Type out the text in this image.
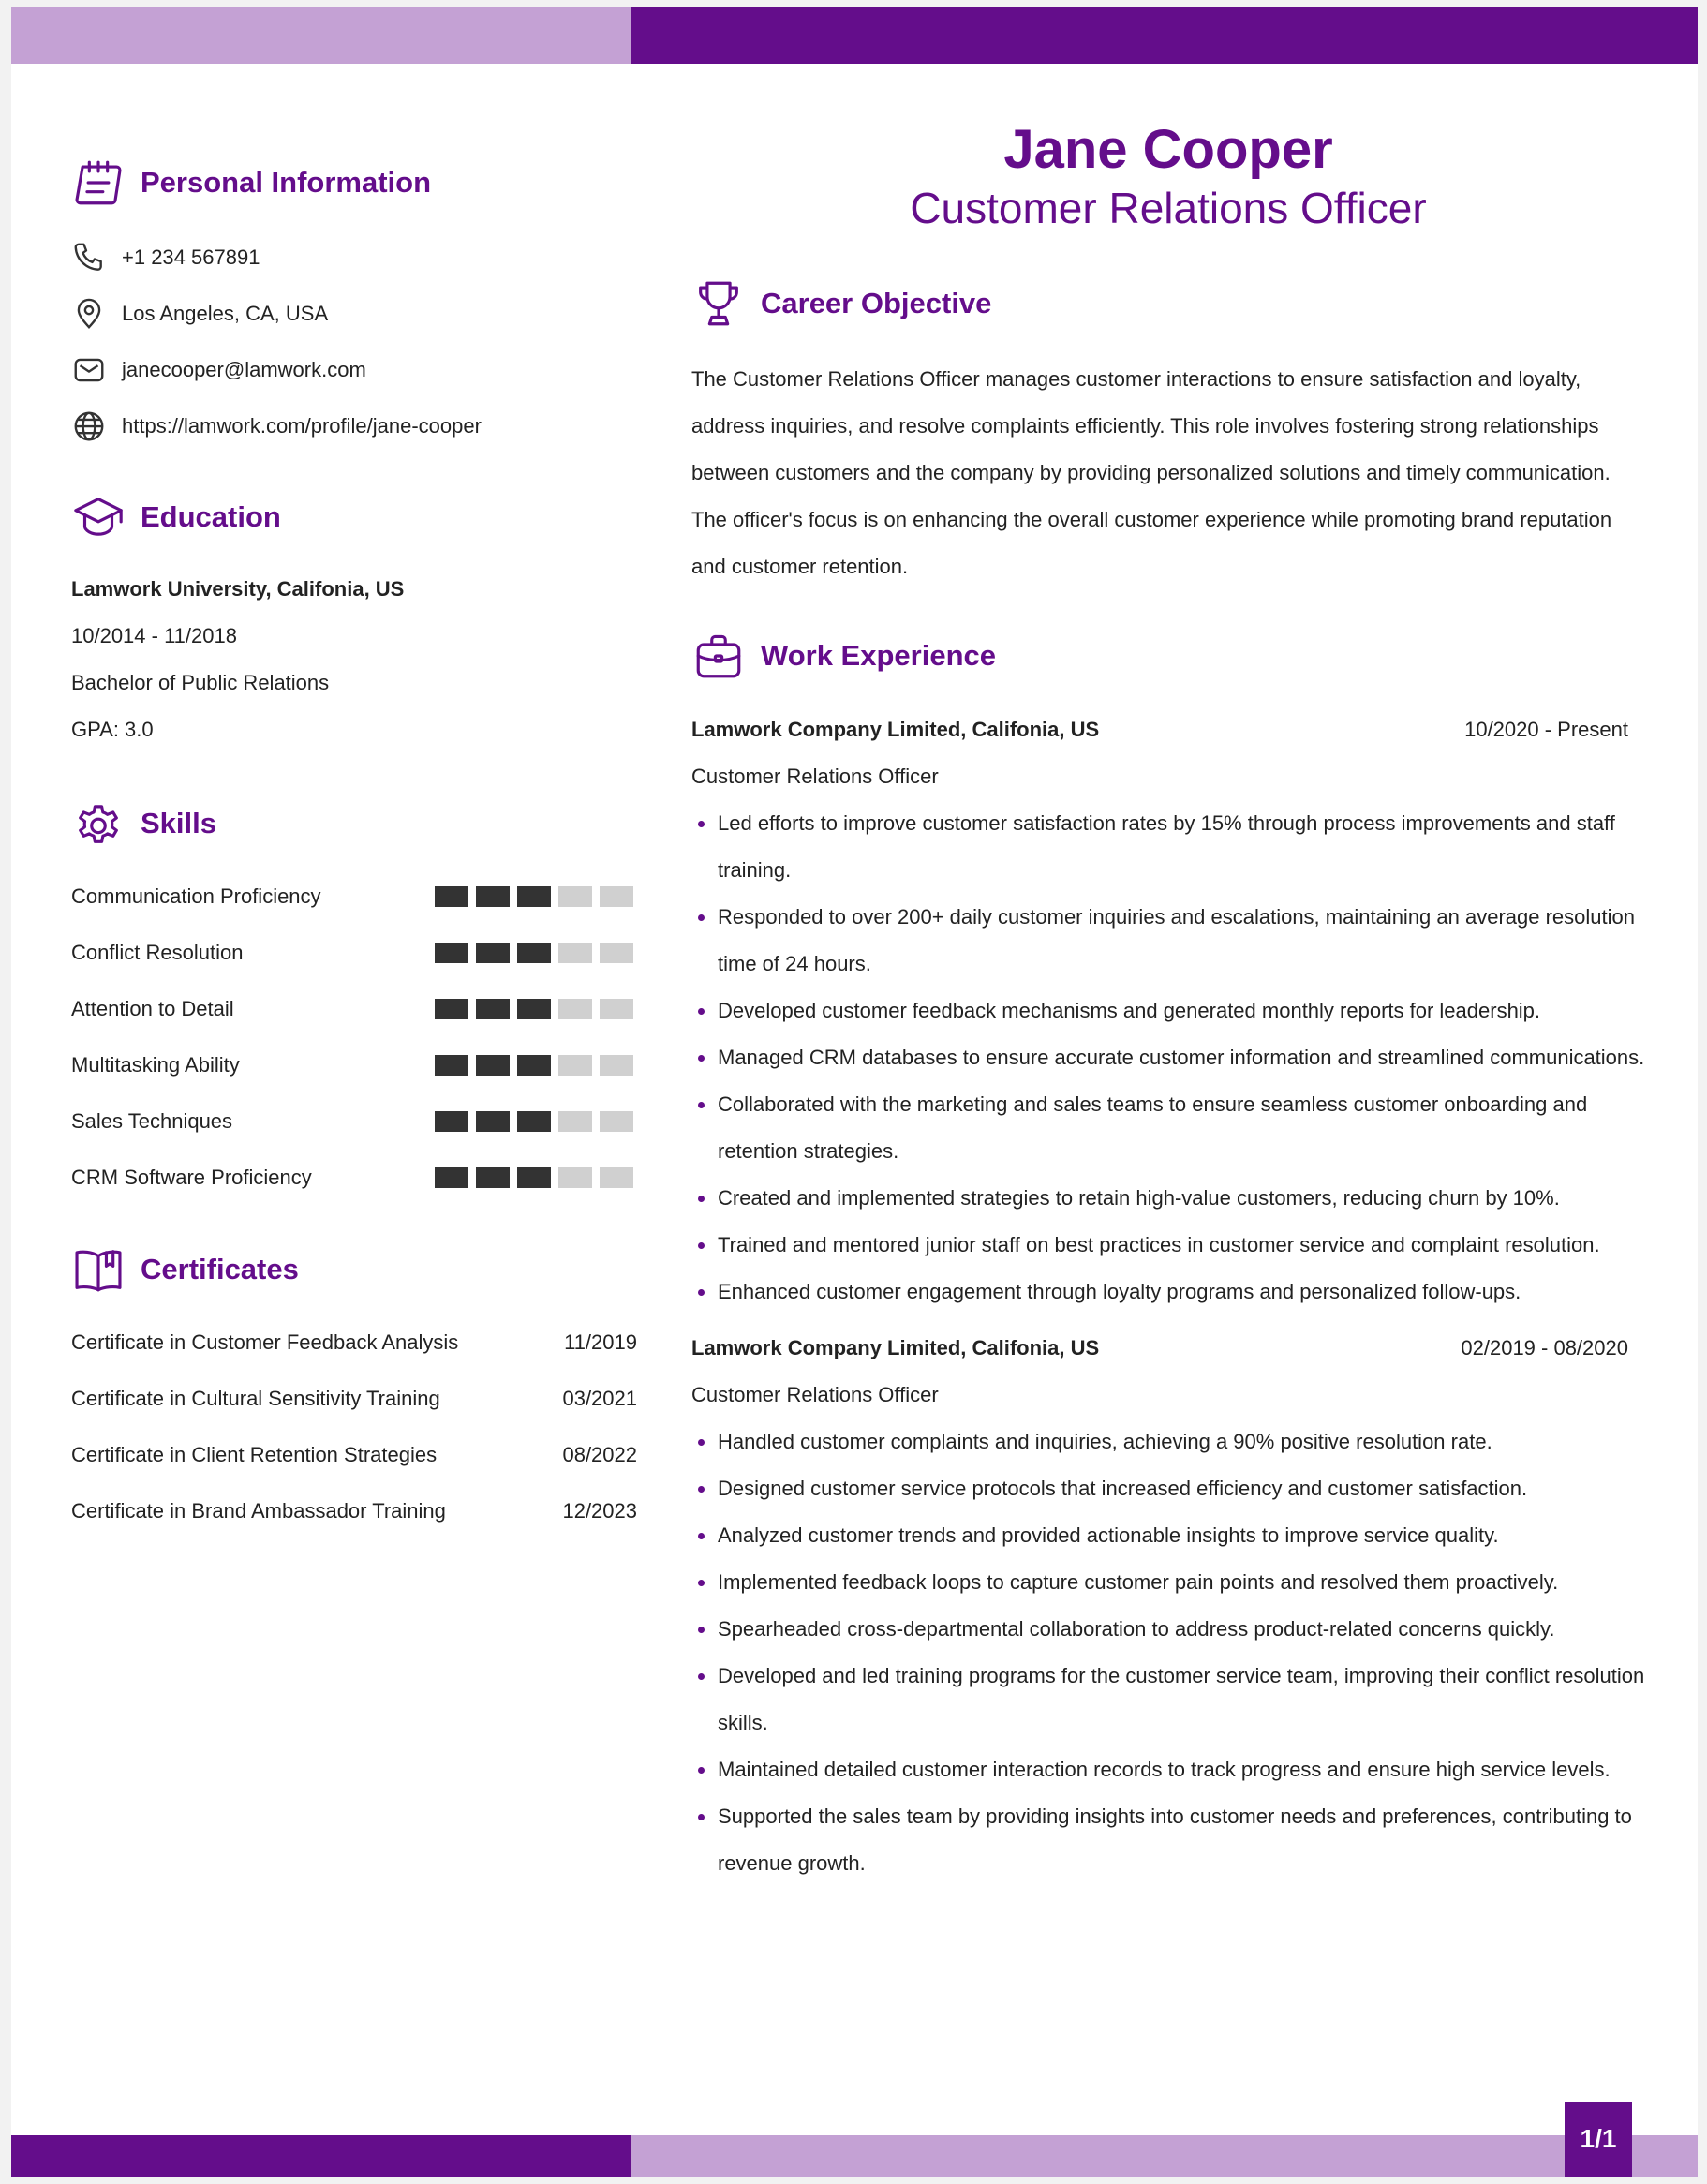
Personal Information
+1 234 567891
Los Angeles, CA, USA
janecooper@lamwork.com
https://lamwork.com/profile/jane-cooper
Education
Lamwork University, Califonia, US
10/2014 - 11/2018
Bachelor of Public Relations
GPA: 3.0
Skills
Communication Proficiency
Conflict Resolution
Attention to Detail
Multitasking Ability
Sales Techniques
CRM Software Proficiency
Certificates
Certificate in Customer Feedback Analysis	11/2019
Certificate in Cultural Sensitivity Training	03/2021
Certificate in Client Retention Strategies	08/2022
Certificate in Brand Ambassador Training	12/2023
Jane Cooper
Customer Relations Officer
Career Objective
The Customer Relations Officer manages customer interactions to ensure satisfaction and loyalty, address inquiries, and resolve complaints efficiently. This role involves fostering strong relationships between customers and the company by providing personalized solutions and timely communication. The officer's focus is on enhancing the overall customer experience while promoting brand reputation and customer retention.
Work Experience
Lamwork Company Limited, Califonia, US	10/2020 - Present
Customer Relations Officer
Led efforts to improve customer satisfaction rates by 15% through process improvements and staff training.
Responded to over 200+ daily customer inquiries and escalations, maintaining an average resolution time of 24 hours.
Developed customer feedback mechanisms and generated monthly reports for leadership.
Managed CRM databases to ensure accurate customer information and streamlined communications.
Collaborated with the marketing and sales teams to ensure seamless customer onboarding and retention strategies.
Created and implemented strategies to retain high-value customers, reducing churn by 10%.
Trained and mentored junior staff on best practices in customer service and complaint resolution.
Enhanced customer engagement through loyalty programs and personalized follow-ups.
Lamwork Company Limited, Califonia, US	02/2019 - 08/2020
Customer Relations Officer
Handled customer complaints and inquiries, achieving a 90% positive resolution rate.
Designed customer service protocols that increased efficiency and customer satisfaction.
Analyzed customer trends and provided actionable insights to improve service quality.
Implemented feedback loops to capture customer pain points and resolved them proactively.
Spearheaded cross-departmental collaboration to address product-related concerns quickly.
Developed and led training programs for the customer service team, improving their conflict resolution skills.
Maintained detailed customer interaction records to track progress and ensure high service levels.
Supported the sales team by providing insights into customer needs and preferences, contributing to revenue growth.
1/1
